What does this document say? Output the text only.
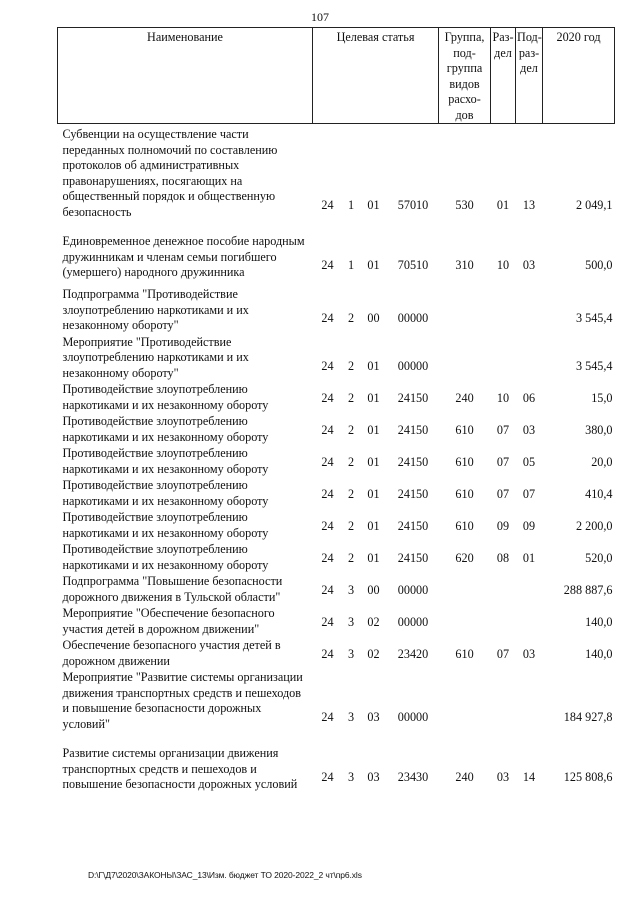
107
Наименование	Целевая статья				Группа, под-группа видов расхо-дов	Раз-дел	Под-раз-дел	2020 год

Субвенции на осуществление части переданных полномочий по составлению протоколов об административных правонарушениях, посягающих на общественный порядок и общественную безопасность	24	1	01	57010	530	01	13	2 049,1

Единовременное денежное пособие народным дружинникам и членам семьи погибшего (умершего) народного дружинника	24	1	01	70510	310	10	03	500,0

Подпрограмма "Противодействие злоупотреблению наркотиками и их незаконному обороту"	24	2	00	00000				3 545,4

Мероприятие "Противодействие злоупотреблению наркотиками и их незаконному обороту"	24	2	01	00000				3 545,4

Противодействие злоупотреблению наркотиками и их незаконному обороту	24	2	01	24150	240	10	06	15,0

Противодействие злоупотреблению наркотиками и их незаконному обороту	24	2	01	24150	610	07	03	380,0

Противодействие злоупотреблению наркотиками и их незаконному обороту	24	2	01	24150	610	07	05	20,0

Противодействие злоупотреблению наркотиками и их незаконному обороту	24	2	01	24150	610	07	07	410,4

Противодействие злоупотреблению наркотиками и их незаконному обороту	24	2	01	24150	610	09	09	2 200,0

Противодействие злоупотреблению наркотиками и их незаконному обороту	24	2	01	24150	620	08	01	520,0

Подпрограмма "Повышение безопасности дорожного движения в Тульской области"	24	3	00	00000				288 887,6

Мероприятие "Обеспечение безопасного участия детей в дорожном движении"	24	3	02	00000				140,0

Обеспечение безопасного участия детей в дорожном движении	24	3	02	23420	610	07	03	140,0

Мероприятие "Развитие системы организации движения транспортных средств и пешеходов и повышение безопасности дорожных условий"	24	3	03	00000				184 927,8

Развитие системы организации движения транспортных средств и пешеходов и повышение безопасности дорожных условий	24	3	03	23430	240	03	14	125 808,6
D:\Г\Д7\2020\ЗАКОНЫ\ЗАС_13\Изм. бюджет ТО 2020-2022_2 чт\пр6.xls
